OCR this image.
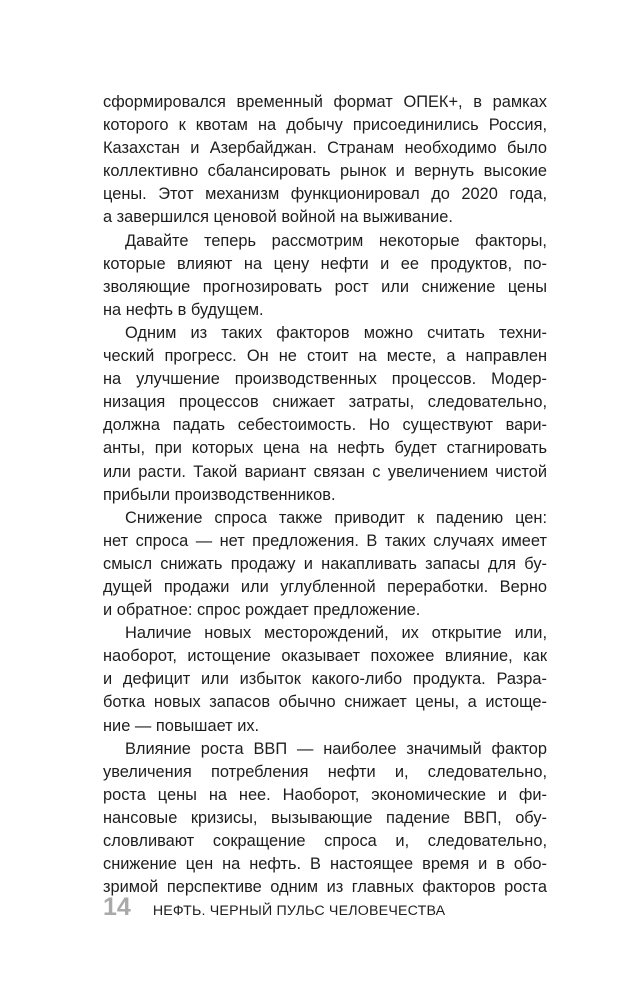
сформировался временный формат ОПЕК+, в рамках
которого к квотам на добычу присоединились Россия,
Казахстан и Азербайджан. Странам необходимо было
коллективно сбалансировать рынок и вернуть высокие
цены. Этот механизм функционировал до 2020 года,
а завершился ценовой войной на выживание.
Давайте теперь рассмотрим некоторые факторы,
которые влияют на цену нефти и ее продуктов, по-
зволяющие прогнозировать рост или снижение цены
на нефть в будущем.
Одним из таких факторов можно считать техни-
ческий прогресс. Он не стоит на месте, а направлен
на улучшение производственных процессов. Модер-
низация процессов снижает затраты, следовательно,
должна падать себестоимость. Но существуют вари-
анты, при которых цена на нефть будет стагнировать
или расти. Такой вариант связан с увеличением чистой
прибыли производственников.
Снижение спроса также приводит к падению цен:
нет спроса — нет предложения. В таких случаях имеет
смысл снижать продажу и накапливать запасы для бу-
дущей продажи или углубленной переработки. Верно
и обратное: спрос рождает предложение.
Наличие новых месторождений, их открытие или,
наоборот, истощение оказывает похожее влияние, как
и дефицит или избыток какого-либо продукта. Разра-
ботка новых запасов обычно снижает цены, а истоще-
ние — повышает их.
Влияние роста ВВП — наиболее значимый фактор
увеличения потребления нефти и, следовательно,
роста цены на нее. Наоборот, экономические и фи-
нансовые кризисы, вызывающие падение ВВП, обу-
словливают сокращение спроса и, следовательно,
снижение цен на нефть. В настоящее время и в обо-
зримой перспективе одним из главных факторов роста
14 НЕФТЬ. ЧЕРНЫЙ ПУЛЬС ЧЕЛОВЕЧЕСТВА
